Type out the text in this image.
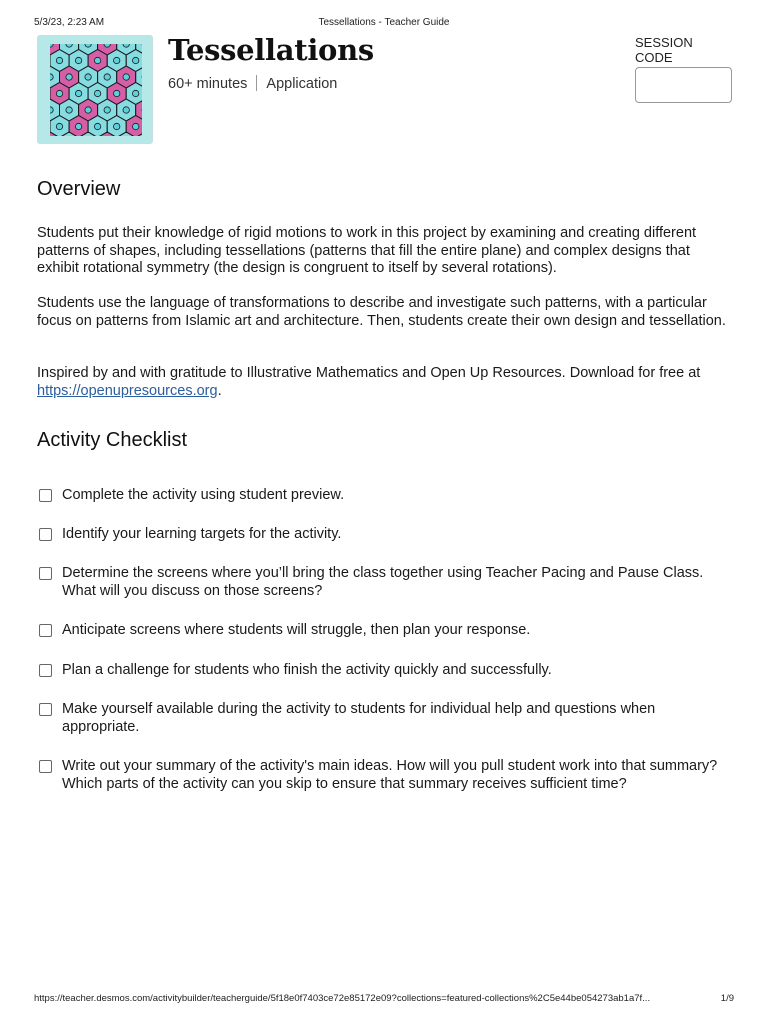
5/3/23, 2:23 AM	Tessellations - Teacher Guide
Tessellations
60+ minutes Application
SESSION CODE
Overview

Students put their knowledge of rigid motions to work in this project by examining and creating different patterns of shapes, including tessellations (patterns that fill the entire plane) and complex designs that exhibit rotational symmetry (the design is congruent to itself by several rotations).

Students use the language of transformations to describe and investigate such patterns, with a particular focus on patterns from Islamic art and architecture. Then, students create their own design and tessellation.

Inspired by and with gratitude to Illustrative Mathematics and Open Up Resources. Download for free at https://openupresources.org.

Activity Checklist
Complete the activity using student preview.
Identify your learning targets for the activity.
Determine the screens where you’ll bring the class together using Teacher Pacing and Pause Class. What will you discuss on those screens?
Anticipate screens where students will struggle, then plan your response.
Plan a challenge for students who finish the activity quickly and successfully.
Make yourself available during the activity to students for individual help and questions when appropriate.
Write out your summary of the activity's main ideas. How will you pull student work into that summary? Which parts of the activity can you skip to ensure that summary receives sufficient time?
https://teacher.desmos.com/activitybuilder/teacherguide/5f18e0f7403ce72e85172e09?collections=featured-collections%2C5e44be054273ab1a7f...	1/9
